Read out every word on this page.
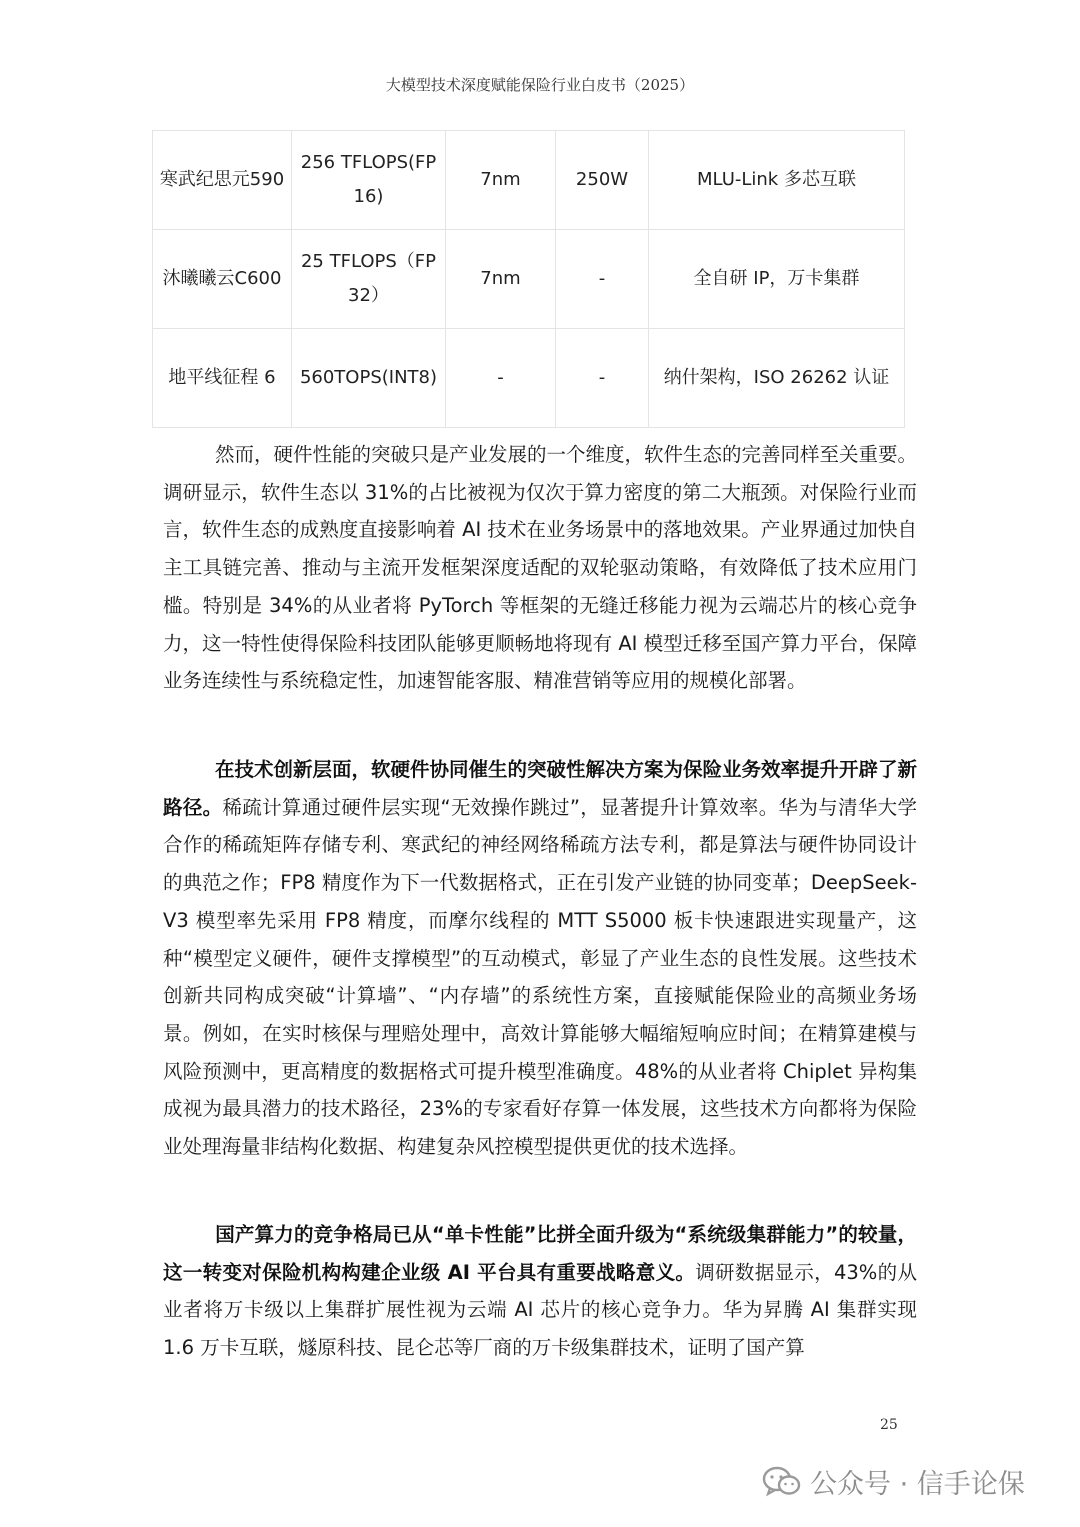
大模型技术深度赋能保险行业白皮书（2025）
寒武纪思元590	256 TFLOPS(FP16)	7nm	250W	MLU-Link 多芯互联
沐曦曦云C600	25 TFLOPS（FP32）	7nm	-	全自研 IP，万卡集群
地平线征程 6	560TOPS(INT8)	-	-	纳什架构，ISO 26262 认证

然而，硬件性能的突破只是产业发展的一个维度，软件生态的完善同样至关重要。调研显示，软件生态以 31%的占比被视为仅次于算力密度的第二大瓶颈。对保险行业而言，软件生态的成熟度直接影响着 AI 技术在业务场景中的落地效果。产业界通过加快自主工具链完善、推动与主流开发框架深度适配的双轮驱动策略，有效降低了技术应用门槛。特别是 34%的从业者将 PyTorch 等框架的无缝迁移能力视为云端芯片的核心竞争力，这一特性使得保险科技团队能够更顺畅地将现有 AI 模型迁移至国产算力平台，保障业务连续性与系统稳定性，加速智能客服、精准营销等应用的规模化部署。

在技术创新层面，软硬件协同催生的突破性解决方案为保险业务效率提升开辟了新路径。稀疏计算通过硬件层实现“无效操作跳过”，显著提升计算效率。华为与清华大学合作的稀疏矩阵存储专利、寒武纪的神经网络稀疏方法专利，都是算法与硬件协同设计的典范之作；FP8 精度作为下一代数据格式，正在引发产业链的协同变革；DeepSeek-V3 模型率先采用 FP8 精度，而摩尔线程的 MTT S5000 板卡快速跟进实现量产，这种“模型定义硬件，硬件支撑模型”的互动模式，彰显了产业生态的良性发展。这些技术创新共同构成突破“计算墙”、“内存墙”的系统性方案，直接赋能保险业的高频业务场景。例如，在实时核保与理赔处理中，高效计算能够大幅缩短响应时间；在精算建模与风险预测中，更高精度的数据格式可提升模型准确度。48%的从业者将 Chiplet 异构集成视为最具潜力的技术路径，23%的专家看好存算一体发展，这些技术方向都将为保险业处理海量非结构化数据、构建复杂风控模型提供更优的技术选择。

国产算力的竞争格局已从“单卡性能”比拼全面升级为“系统级集群能力”的较量，这一转变对保险机构构建企业级 AI 平台具有重要战略意义。调研数据显示，43%的从业者将万卡级以上集群扩展性视为云端 AI 芯片的核心竞争力。华为昇腾 AI 集群实现 1.6 万卡互联，燧原科技、昆仑芯等厂商的万卡级集群技术，证明了国产算

25
公众号 · 信手论保
